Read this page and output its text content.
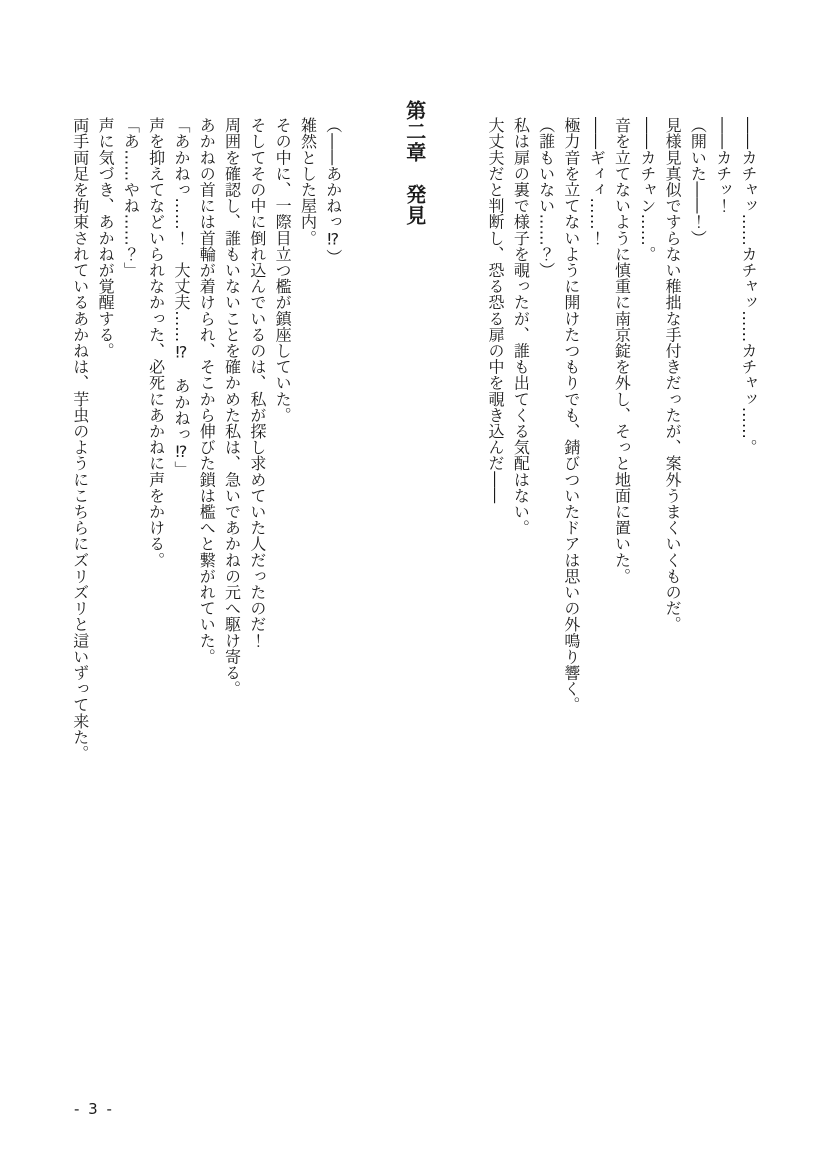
――カチャッ……カチャッ……カチャッ……。

――カチッ！

（開いた――！）

見様見真似ですらない稚拙な手付きだったが、案外うまくいくものだ。

――カチャン……。

音を立てないように慎重に南京錠を外し、そっと地面に置いた。

――ギィィ……！

極力音を立てないように開けたつもりでも、錆びついたドアは思いの外鳴り響く。

（誰もいない……？）

私は扉の裏で様子を覗ったが、誰も出てくる気配はない。

大丈夫だと判断し、恐る恐る扉の中を覗き込んだ――

第二章　発見

（――あかねっ⁉）

雑然とした屋内。

その中に、一際目立つ檻が鎮座していた。

そしてその中に倒れ込んでいるのは、私が探し求めていた人だったのだ！

周囲を確認し、誰もいないことを確かめた私は、急いであかねの元へ駆け寄る。

あかねの首には首輪が着けられ、そこから伸びた鎖は檻へと繋がれていた。

「あかねっ……！　大丈夫……⁉　あかねっ⁉」

声を抑えてなどいられなかった、必死にあかねに声をかける。

「あ……やね……？」

声に気づき、あかねが覚醒する。

両手両足を拘束されているあかねは、芋虫のようにこちらにズリズリと這いずって来た。

- 3 -
